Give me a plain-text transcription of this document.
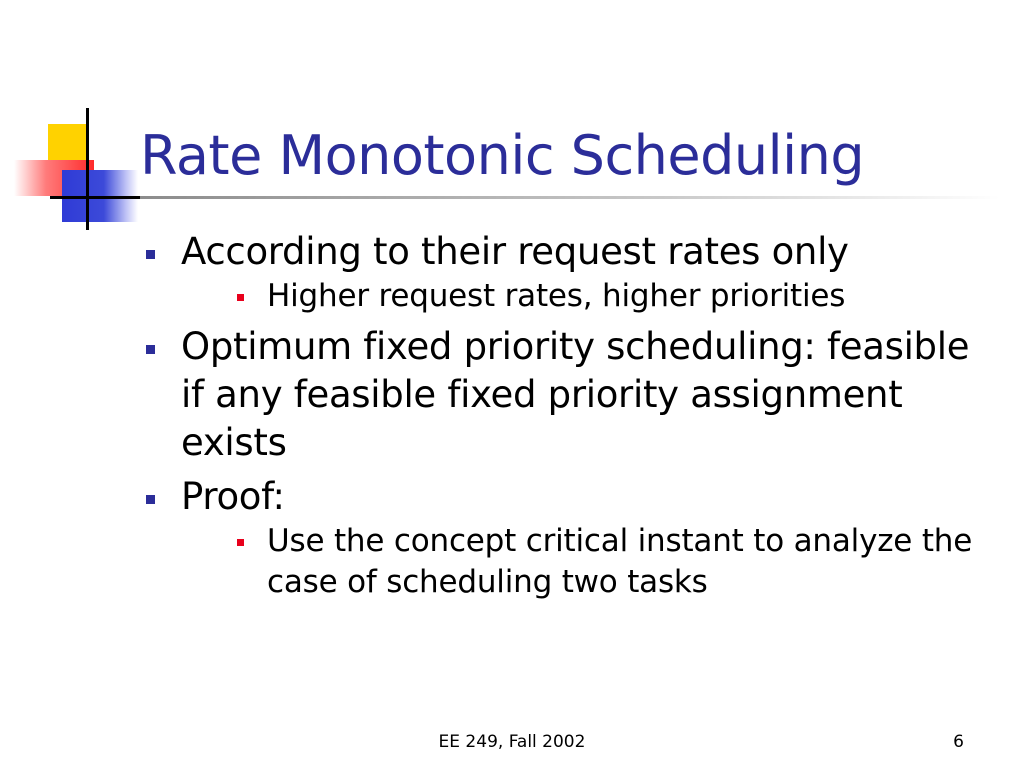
Rate Monotonic Scheduling
According to their request rates only
Higher request rates, higher priorities
Optimum fixed priority scheduling: feasible if any feasible fixed priority assignment exists
Proof:
Use the concept critical instant to analyze the case of scheduling two tasks
EE 249, Fall 2002	6
